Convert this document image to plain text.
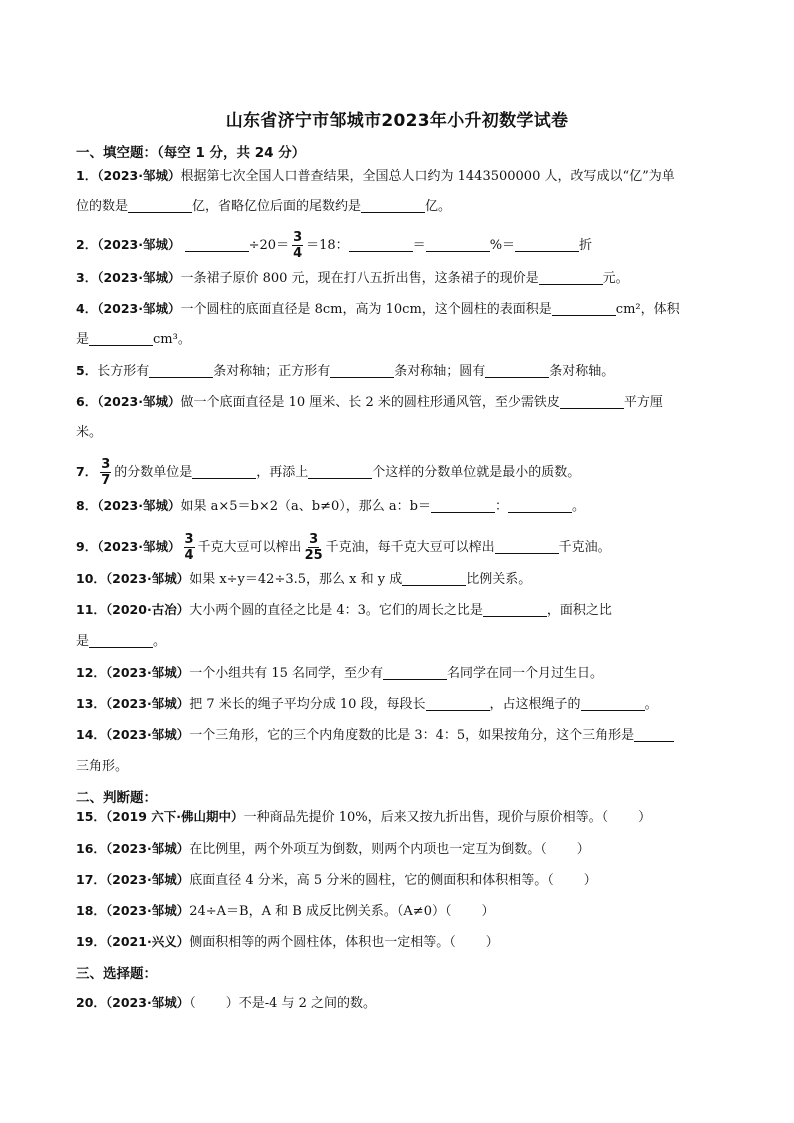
山东省济宁市邹城市2023年小升初数学试卷
一、填空题：（每空 1 分，共 24 分）
1．（2023·邹城）根据第七次全国人口普查结果，全国总人口约为 1443500000 人，改写成以“亿”为单
位的数是	亿，省略亿位后面的尾数约是	亿。
2．（2023·邹城）	$\div 20= \frac{3}{4} =18$：	＝	%＝	折
3．（2023·邹城）一条裙子原价 800 元，现在打八五折出售，这条裙子的现价是	元。
4．（2023·邹城）一个圆柱的底面直径是 8cm，高为 10cm，这个圆柱的表面积是	cm²，体积
是	cm³。
5．长方形有	条对称轴；正方形有	条对称轴；圆有	条对称轴。
6．（2023·邹城）做一个底面直径是 10 厘米、长 2 米的圆柱形通风管，至少需铁皮	平方厘
米。
7． $\frac{3}{7}$ 的分数单位是	，再添上	个这样的分数单位就是最小的质数。
8．（2023·邹城）如果 a×5＝b×2（a、b≠0），那么 a：b＝	：	。
9．（2023·邹城） $\frac{3}{4}$ 千克大豆可以榨出 $\frac{3}{25}$ 千克油，每千克大豆可以榨出	千克油。
10．（2023·邹城）如果 x÷y＝42÷3.5，那么 x 和 y 成	比例关系。
11．（2020·古冶）大小两个圆的直径之比是 4：3。它们的周长之比是	，面积之比
是	。
12．（2023·邹城）一个小组共有 15 名同学，至少有	名同学在同一个月过生日。
13．（2023·邹城）把 7 米长的绳子平均分成 10 段，每段长	，占这根绳子的	。
14．（2023·邹城）一个三角形，它的三个内角度数的比是 3：4：5，如果按角分，这个三角形是
三角形。
二、判断题：
15．（2019 六下·佛山期中）一种商品先提价 10%，后来又按九折出售，现价与原价相等。（ ）
16．（2023·邹城）在比例里，两个外项互为倒数，则两个内项也一定互为倒数。（ ）
17．（2023·邹城）底面直径 4 分米，高 5 分米的圆柱，它的侧面积和体积相等。（ ）
18．（2023·邹城）24÷A＝B，A 和 B 成反比例关系。（A≠0）（ ）
19．（2021·兴义）侧面积相等的两个圆柱体，体积也一定相等。（ ）
三、选择题：
20．（2023·邹城）（ ）不是-4 与 2 之间的数。
